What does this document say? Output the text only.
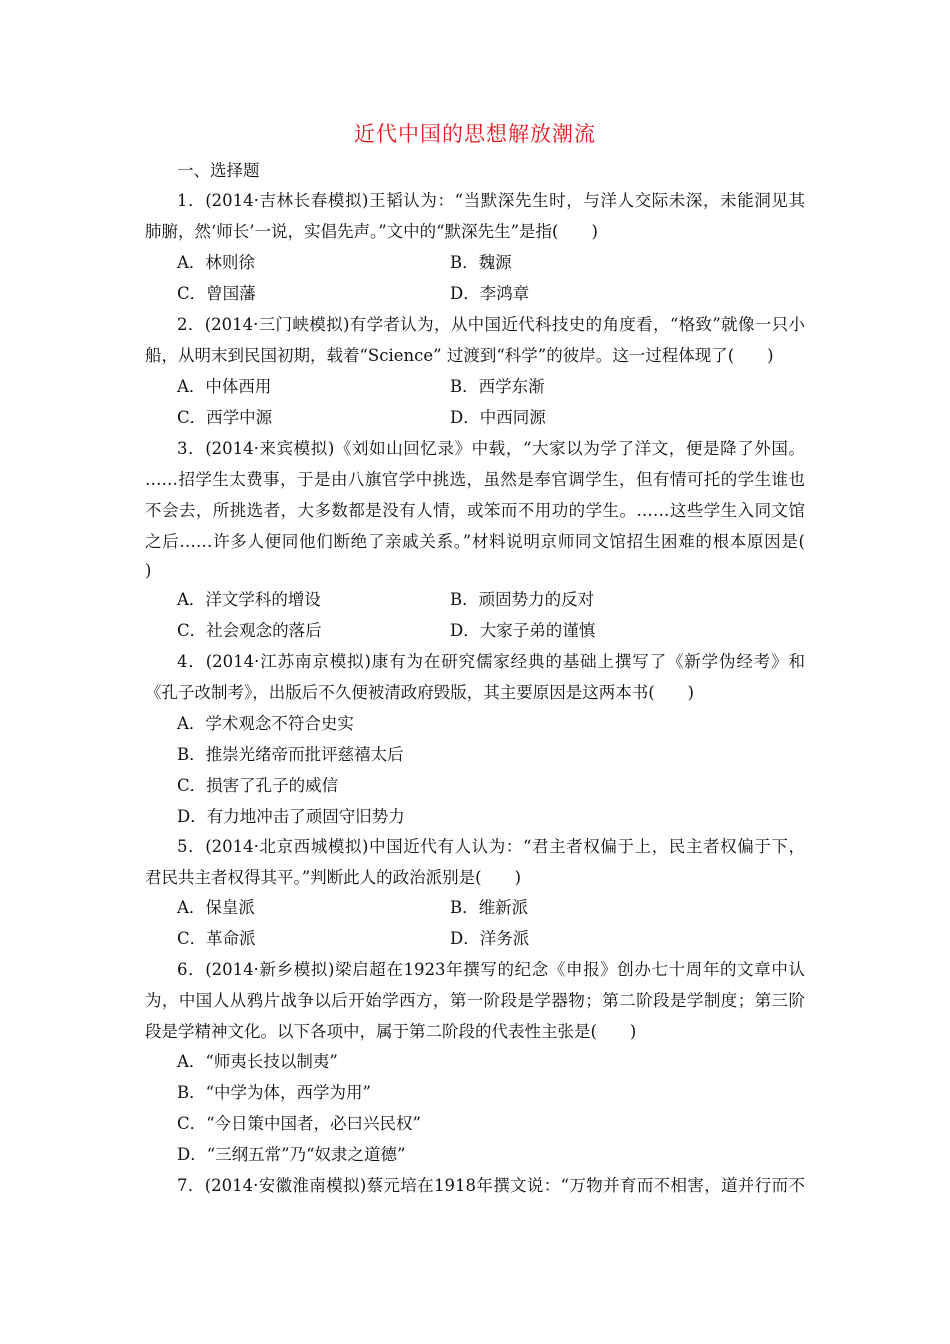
近代中国的思想解放潮流
一、选择题
1．(2014·吉林长春模拟)王韬认为：“当默深先生时，与洋人交际未深，未能洞见其
肺腑，然‘师长’一说，实倡先声。”文中的“默深先生”是指(　　)
A．林则徐	B．魏源
C．曾国藩	D．李鸿章
2．(2014·三门峡模拟)有学者认为，从中国近代科技史的角度看，“格致”就像一只小
船，从明末到民国初期，载着“Science” 过渡到“科学”的彼岸。这一过程体现了(　　)
A．中体西用	B．西学东渐
C．西学中源	D．中西同源
3．(2014·来宾模拟)《刘如山回忆录》中载，“大家以为学了洋文，便是降了外国。
……招学生太费事，于是由八旗官学中挑选，虽然是奉官调学生，但有情可托的学生谁也
不会去，所挑选者，大多数都是没有人情，或笨而不用功的学生。……这些学生入同文馆
之后……许多人便同他们断绝了亲戚关系。”材料说明京师同文馆招生困难的根本原因是(
)
A．洋文学科的增设	B．顽固势力的反对
C．社会观念的落后	D．大家子弟的谨慎
4．(2014·江苏南京模拟)康有为在研究儒家经典的基础上撰写了《新学伪经考》和
《孔子改制考》，出版后不久便被清政府毁版，其主要原因是这两本书(　　)
A．学术观念不符合史实
B．推崇光绪帝而批评慈禧太后
C．损害了孔子的威信
D．有力地冲击了顽固守旧势力
5．(2014·北京西城模拟)中国近代有人认为：“君主者权偏于上，民主者权偏于下，
君民共主者权得其平。”判断此人的政治派别是(　　)
A．保皇派	B．维新派
C．革命派	D．洋务派
6．(2014·新乡模拟)梁启超在1923年撰写的纪念《申报》创办七十周年的文章中认
为，中国人从鸦片战争以后开始学西方，第一阶段是学器物；第二阶段是学制度；第三阶
段是学精神文化。以下各项中，属于第二阶段的代表性主张是(　　)
A．“师夷长技以制夷”
B．“中学为体，西学为用”
C．“今日策中国者，必曰兴民权”
D．“三纲五常”乃“奴隶之道德”
7．(2014·安徽淮南模拟)蔡元培在1918年撰文说：“万物并育而不相害，道并行而不
